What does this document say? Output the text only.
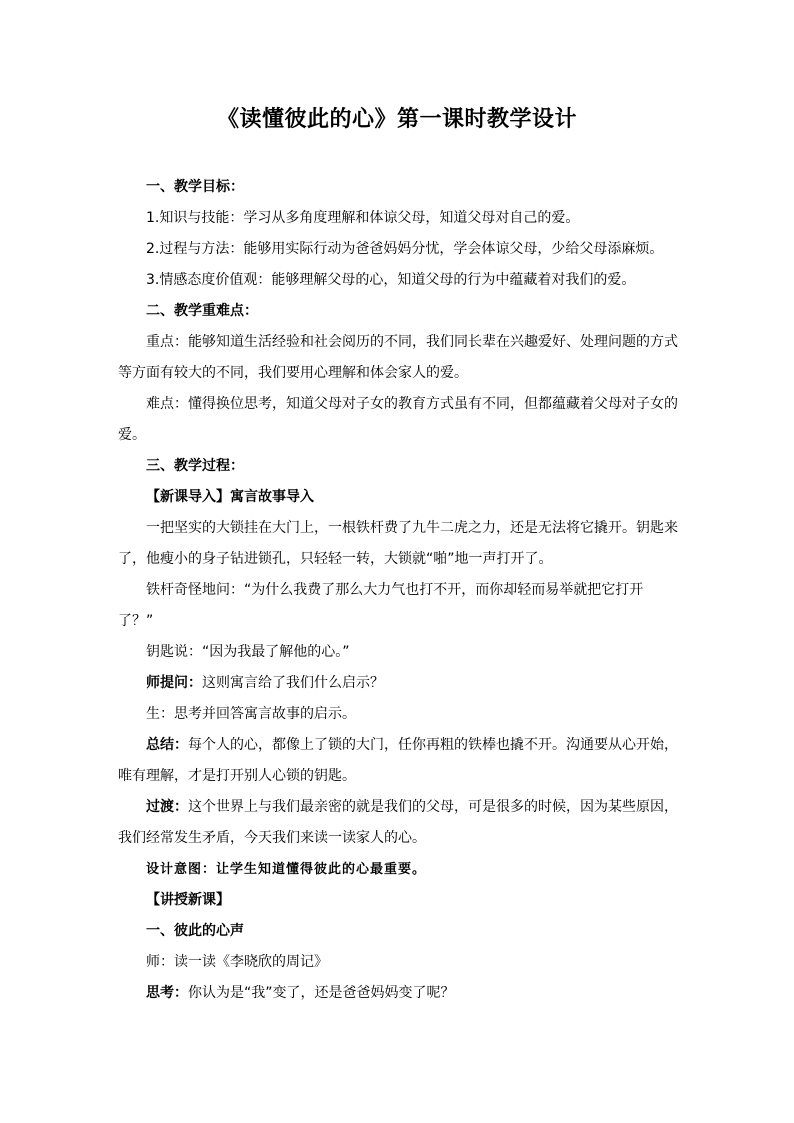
《读懂彼此的心》第一课时教学设计

一、教学目标：

1.知识与技能：学习从多角度理解和体谅父母，知道父母对自己的爱。

2.过程与方法：能够用实际行动为爸爸妈妈分忧，学会体谅父母，少给父母添麻烦。

3.情感态度价值观：能够理解父母的心，知道父母的行为中蕴藏着对我们的爱。

二、教学重难点：

重点：能够知道生活经验和社会阅历的不同，我们同长辈在兴趣爱好、处理问题的方式等方面有较大的不同，我们要用心理解和体会家人的爱。

难点：懂得换位思考，知道父母对子女的教育方式虽有不同，但都蕴藏着父母对子女的爱。

三、教学过程：

【新课导入】寓言故事导入

一把坚实的大锁挂在大门上，一根铁杆费了九牛二虎之力，还是无法将它撬开。钥匙来了，他瘦小的身子钻进锁孔，只轻轻一转，大锁就“啪”地一声打开了。

铁杆奇怪地问：“为什么我费了那么大力气也打不开，而你却轻而易举就把它打开了？”

钥匙说：“因为我最了解他的心。”

师提问：这则寓言给了我们什么启示？

生：思考并回答寓言故事的启示。

总结：每个人的心，都像上了锁的大门，任你再粗的铁棒也撬不开。沟通要从心开始，唯有理解，才是打开别人心锁的钥匙。

过渡：这个世界上与我们最亲密的就是我们的父母，可是很多的时候，因为某些原因，我们经常发生矛盾，今天我们来读一读家人的心。

设计意图：让学生知道懂得彼此的心最重要。

【讲授新课】

一、彼此的心声

师：读一读《李晓欣的周记》

思考：你认为是“我”变了，还是爸爸妈妈变了呢？
